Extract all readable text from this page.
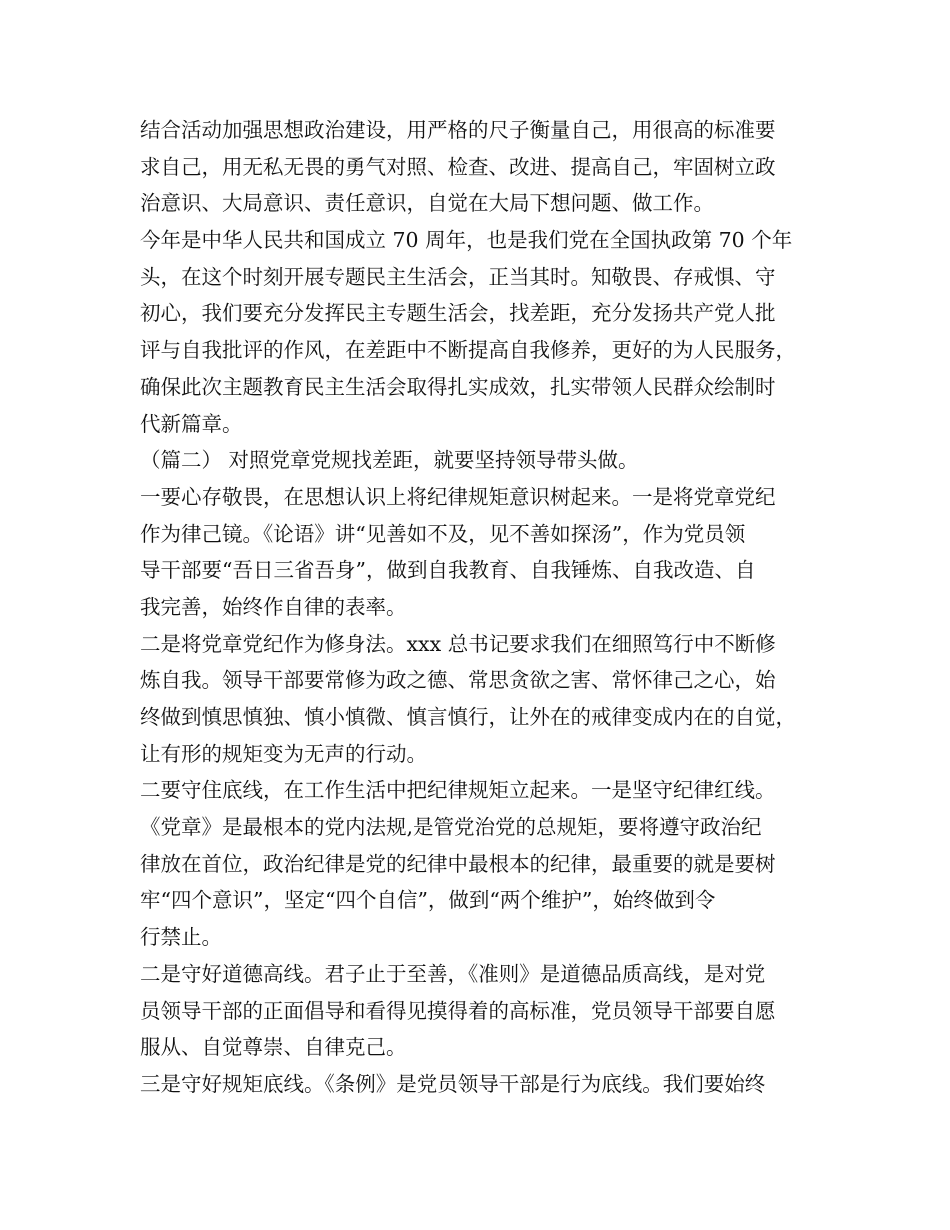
结合活动加强思想政治建设，用严格的尺子衡量自己，用很高的标准要
求自己，用无私无畏的勇气对照、检查、改进、提高自己，牢固树立政
治意识、大局意识、责任意识，自觉在大局下想问题、做工作。
今年是中华人民共和国成立 70 周年，也是我们党在全国执政第 70 个年
头，在这个时刻开展专题民主生活会，正当其时。知敬畏、存戒惧、守
初心，我们要充分发挥民主专题生活会，找差距，充分发扬共产党人批
评与自我批评的作风，在差距中不断提高自我修养，更好的为人民服务，
确保此次主题教育民主生活会取得扎实成效，扎实带领人民群众绘制时
代新篇章。
（篇二） 对照党章党规找差距，就要坚持领导带头做。
一要心存敬畏，在思想认识上将纪律规矩意识树起来。一是将党章党纪
作为律己镜。《论语》讲“见善如不及，见不善如探汤”，作为党员领
导干部要“吾日三省吾身”，做到自我教育、自我锤炼、自我改造、自
我完善，始终作自律的表率。
二是将党章党纪作为修身法。xxx 总书记要求我们在细照笃行中不断修
炼自我。领导干部要常修为政之德、常思贪欲之害、常怀律己之心，始
终做到慎思慎独、慎小慎微、慎言慎行，让外在的戒律变成内在的自觉，
让有形的规矩变为无声的行动。
二要守住底线，在工作生活中把纪律规矩立起来。一是坚守纪律红线。
《党章》是最根本的党内法规,是管党治党的总规矩，要将遵守政治纪
律放在首位，政治纪律是党的纪律中最根本的纪律，最重要的就是要树
牢“四个意识”，坚定“四个自信”，做到“两个维护”，始终做到令
行禁止。
二是守好道德高线。君子止于至善，《准则》是道德品质高线，是对党
员领导干部的正面倡导和看得见摸得着的高标准，党员领导干部要自愿
服从、自觉尊崇、自律克己。
三是守好规矩底线。《条例》是党员领导干部是行为底线。我们要始终
